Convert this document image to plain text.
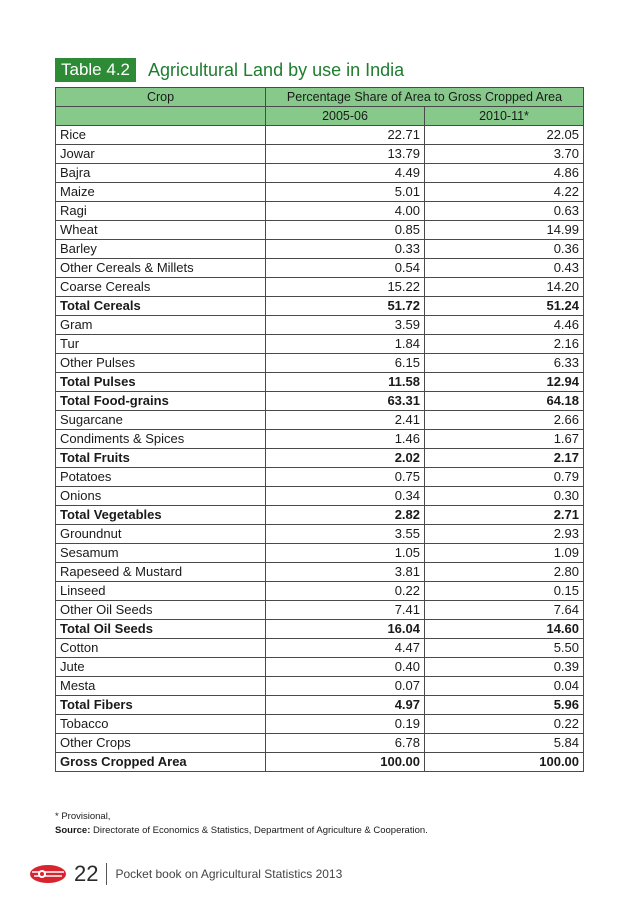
Table 4.2	Agricultural Land by use in India
Crop	Percentage Share of Area to Gross Cropped Area	
	2005-06	2010-11*
Rice	22.71	22.05
Jowar	13.79	3.70
Bajra	4.49	4.86
Maize	5.01	4.22
Ragi	4.00	0.63
Wheat	0.85	14.99
Barley	0.33	0.36
Other Cereals & Millets	0.54	0.43
Coarse Cereals	15.22	14.20
Total Cereals	51.72	51.24
Gram	3.59	4.46
Tur	1.84	2.16
Other Pulses	6.15	6.33
Total Pulses	11.58	12.94
Total Food-grains	63.31	64.18
Sugarcane	2.41	2.66
Condiments & Spices	1.46	1.67
Total Fruits	2.02	2.17
Potatoes	0.75	0.79
Onions	0.34	0.30
Total Vegetables	2.82	2.71
Groundnut	3.55	2.93
Sesamum	1.05	1.09
Rapeseed & Mustard	3.81	2.80
Linseed	0.22	0.15
Other Oil Seeds	7.41	7.64
Total Oil Seeds	16.04	14.60
Cotton	4.47	5.50
Jute	0.40	0.39
Mesta	0.07	0.04
Total Fibers	4.97	5.96
Tobacco	0.19	0.22
Other Crops	6.78	5.84
Gross Cropped Area	100.00	100.00
* Provisional,
Source: Directorate of Economics & Statistics, Department of Agriculture & Cooperation.
22 Pocket book on Agricultural Statistics 2013
